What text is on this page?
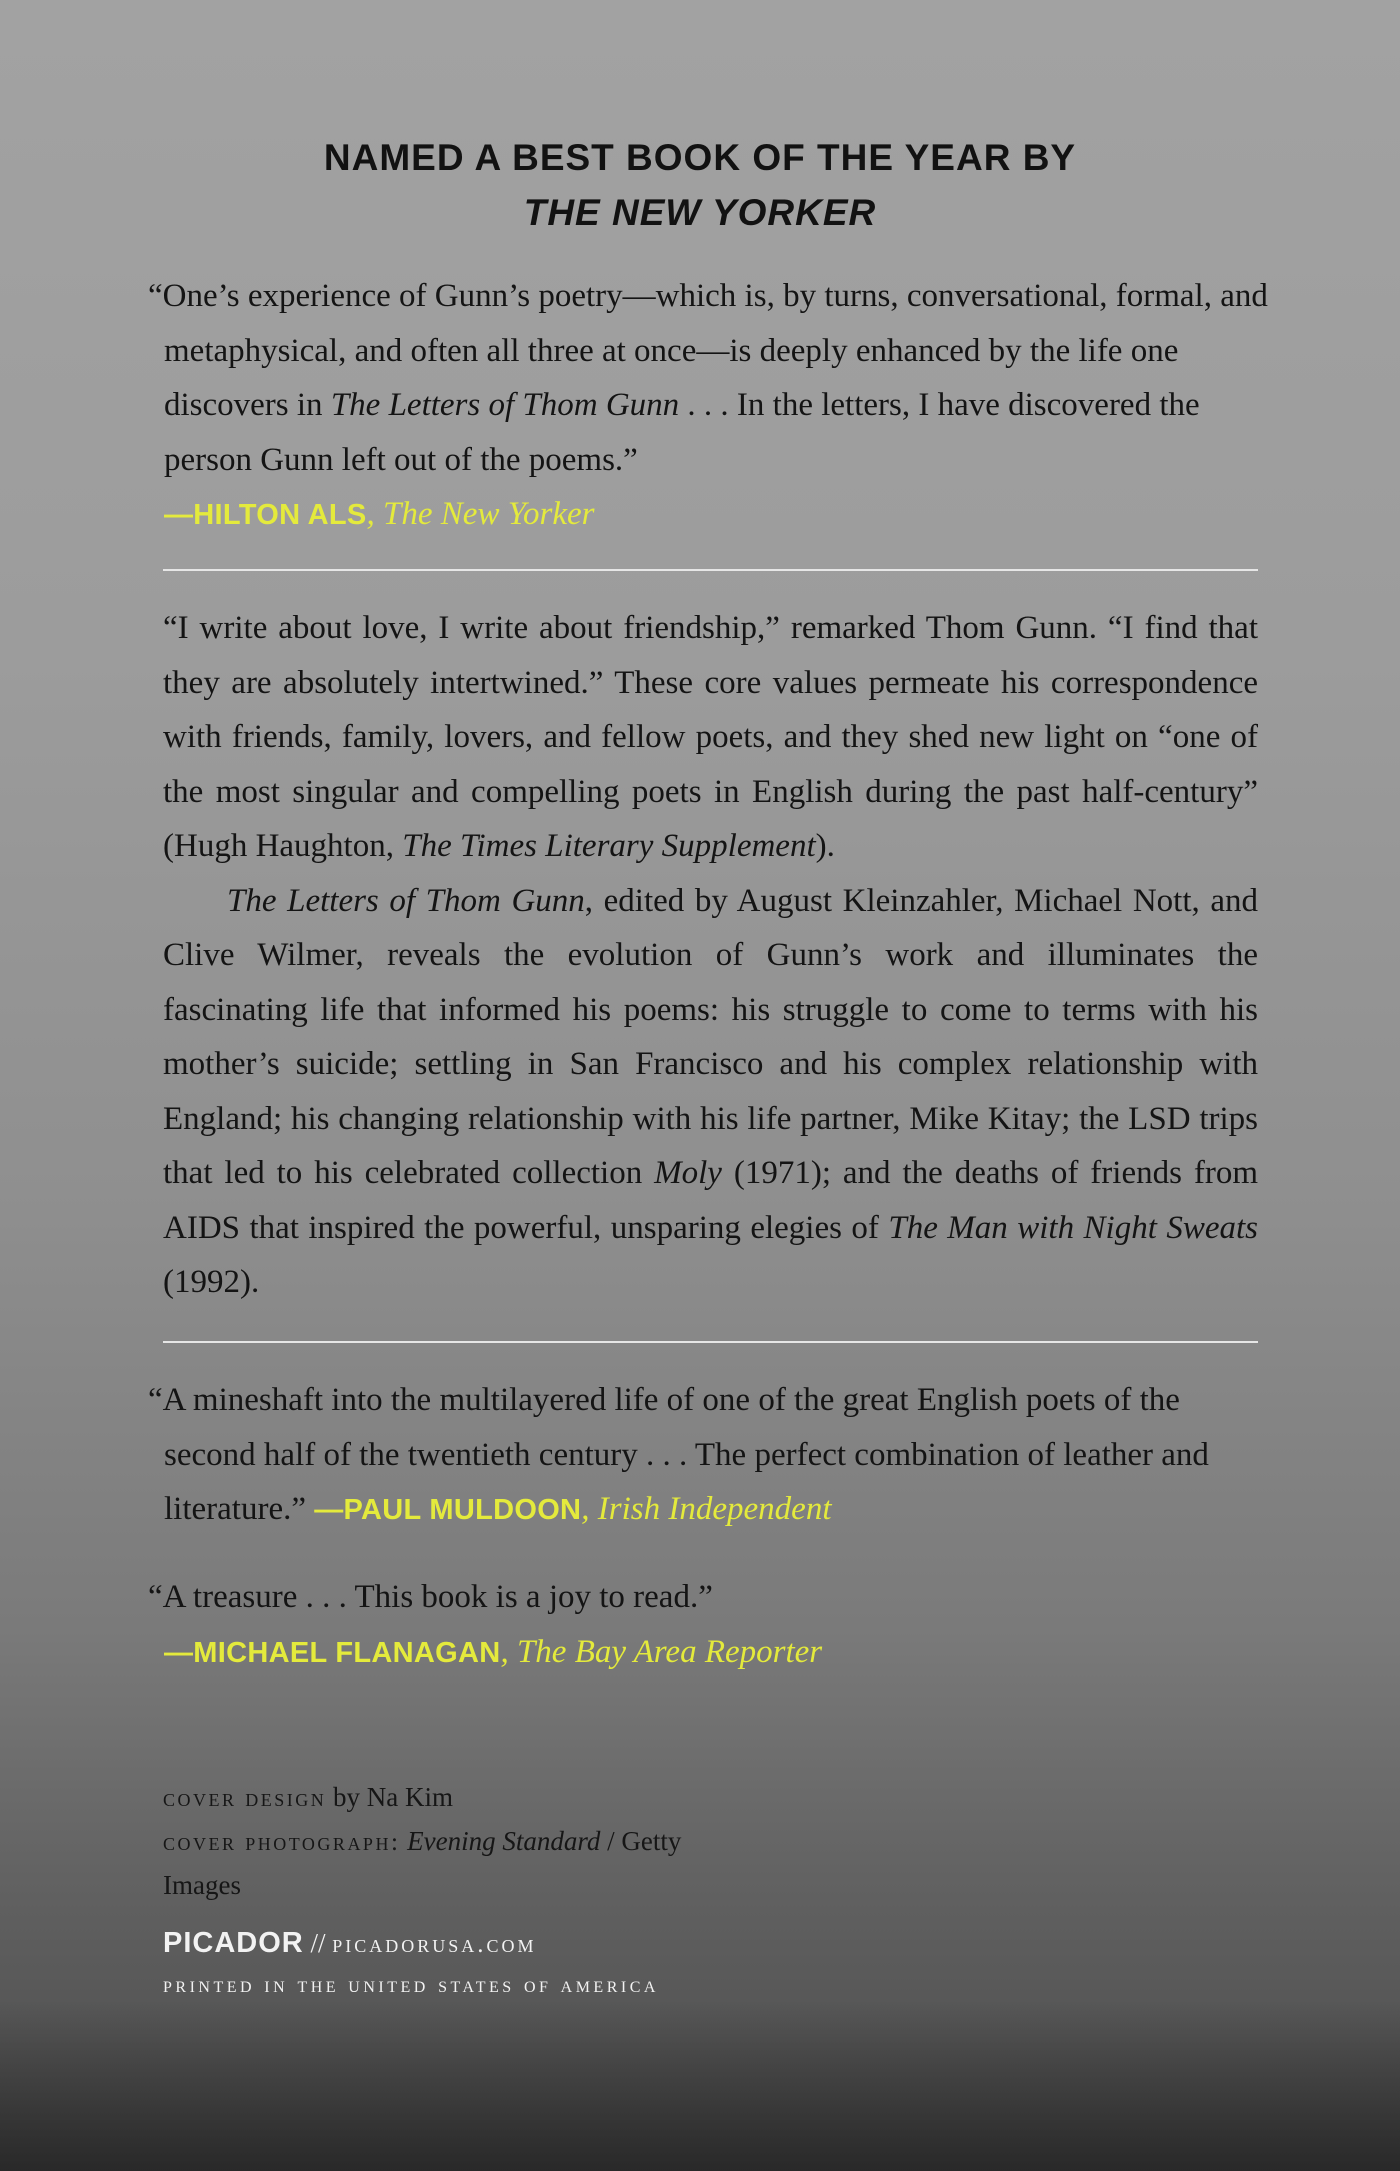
NAMED A BEST BOOK OF THE YEAR BY
THE NEW YORKER
“One’s experience of Gunn’s poetry—which is, by turns, conversational, formal, and metaphysical, and often all three at once—is deeply enhanced by the life one discovers in The Letters of Thom Gunn . . . In the letters, I have discovered the person Gunn left out of the poems.”
—HILTON ALS, The New Yorker

“I write about love, I write about friendship,” remarked Thom Gunn. “I find that they are absolutely intertwined.” These core values permeate his correspondence with friends, family, lovers, and fellow poets, and they shed new light on “one of the most singular and compelling poets in English during the past half-century” (Hugh Haughton, The Times Literary Supplement).

The Letters of Thom Gunn, edited by August Kleinzahler, Michael Nott, and Clive Wilmer, reveals the evolution of Gunn’s work and illuminates the fascinating life that informed his poems: his struggle to come to terms with his mother’s suicide; settling in San Francisco and his complex relationship with England; his changing relationship with his life partner, Mike Kitay; the LSD trips that led to his celebrated collection Moly (1971); and the deaths of friends from AIDS that inspired the powerful, unsparing elegies of The Man with Night Sweats (1992).

“A mineshaft into the multilayered life of one of the great English poets of the second half of the twentieth century . . . The perfect combination of leather and literature.” —PAUL MULDOON, Irish Independent
“A treasure . . . This book is a joy to read.”
—MICHAEL FLANAGAN, The Bay Area Reporter
cover design by Na Kim
cover photograph: Evening Standard / Getty Images
PICADOR // picadorusa.com
printed in the united states of america
